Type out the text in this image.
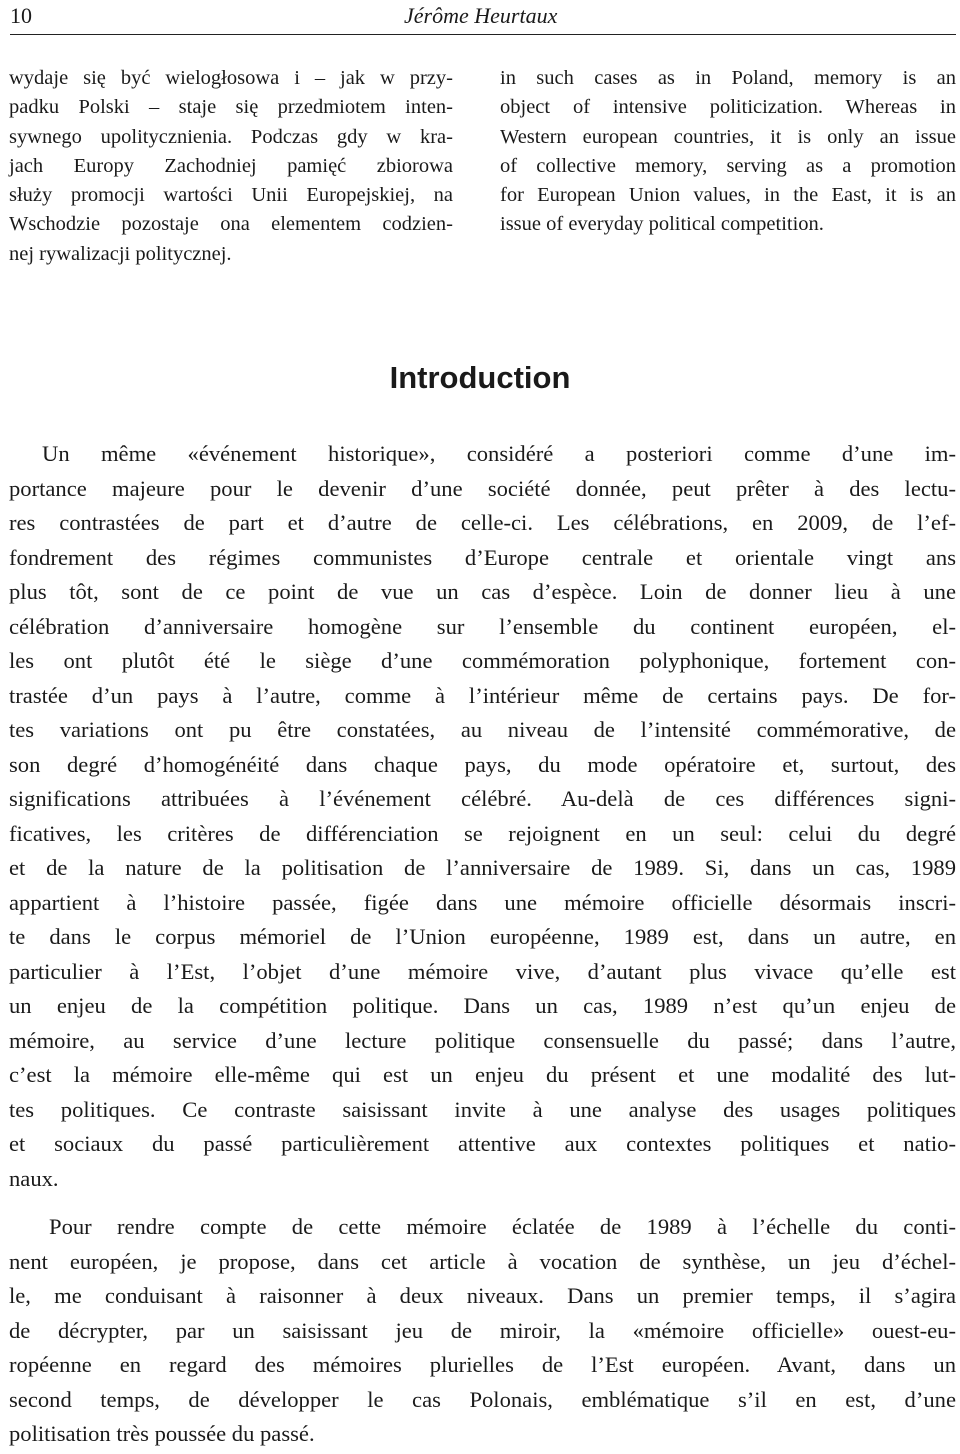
10	Jérôme Heurtaux
wydaje się być wielogłosowa i – jak w przy-
padku Polski – staje się przedmiotem inten-
sywnego upolitycznienia. Podczas gdy w kra-
jach Europy Zachodniej pamięć zbiorowa
służy promocji wartości Unii Europejskiej, na
Wschodzie pozostaje ona elementem codzien-
nej rywalizacji politycznej.
in such cases as in Poland, memory is an
object of intensive politicization. Whereas in
Western european countries, it is only an issue
of collective memory, serving as a promotion
for European Union values, in the East, it is an
issue of everyday political competition.
Introduction
Un même «événement historique», considéré a posteriori comme d’une im-
portance majeure pour le devenir d’une société donnée, peut prêter à des lectu-
res contrastées de part et d’autre de celle-ci. Les célébrations, en 2009, de l’ef-
fondrement des régimes communistes d’Europe centrale et orientale vingt ans
plus tôt, sont de ce point de vue un cas d’espèce. Loin de donner lieu à une
célébration d’anniversaire homogène sur l’ensemble du continent européen, el-
les ont plutôt été le siège d’une commémoration polyphonique, fortement con-
trastée d’un pays à l’autre, comme à l’intérieur même de certains pays. De for-
tes variations ont pu être constatées, au niveau de l’intensité commémorative, de
son degré d’homogénéité dans chaque pays, du mode opératoire et, surtout, des
significations attribuées à l’événement célébré. Au-delà de ces différences signi-
ficatives, les critères de différenciation se rejoignent en un seul: celui du degré
et de la nature de la politisation de l’anniversaire de 1989. Si, dans un cas, 1989
appartient à l’histoire passée, figée dans une mémoire officielle désormais inscri-
te dans le corpus mémoriel de l’Union européenne, 1989 est, dans un autre, en
particulier à l’Est, l’objet d’une mémoire vive, d’autant plus vivace qu’elle est
un enjeu de la compétition politique. Dans un cas, 1989 n’est qu’un enjeu de
mémoire, au service d’une lecture politique consensuelle du passé; dans l’autre,
c’est la mémoire elle-même qui est un enjeu du présent et une modalité des lut-
tes politiques. Ce contraste saisissant invite à une analyse des usages politiques
et sociaux du passé particulièrement attentive aux contextes politiques et natio-
naux.
Pour rendre compte de cette mémoire éclatée de 1989 à l’échelle du conti-
nent européen, je propose, dans cet article à vocation de synthèse, un jeu d’échel-
le, me conduisant à raisonner à deux niveaux. Dans un premier temps, il s’agira
de décrypter, par un saisissant jeu de miroir, la «mémoire officielle» ouest-eu-
ropéenne en regard des mémoires plurielles de l’Est européen. Avant, dans un
second temps, de développer le cas Polonais, emblématique s’il en est, d’une
politisation très poussée du passé.
